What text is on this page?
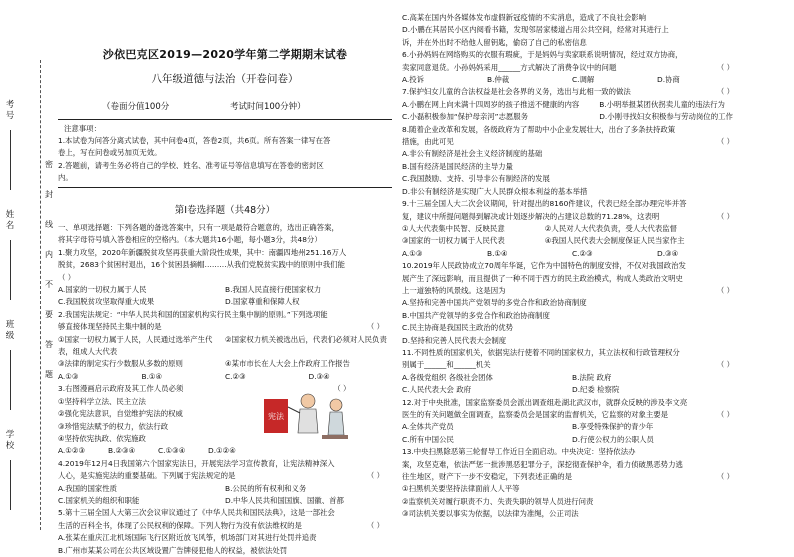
考
号
姓
名
班
级
学
校
密
封
线
内
不
要
答
题
沙依巴克区2019—2020学年第二学期期末试卷
八年级道德与法治（开卷问卷）
（卷面分值100分	考试时间100分钟）

注意事项：

1.本试卷为问答分离式试卷，其中问卷4页，答卷2页，共6页。所有答案一律写在答

卷上，写在问卷或另加页无效。

2.答题前，请考生务必将自己的学校、姓名、准考证号等信息填写在答卷的密封区

内。

第Ⅰ卷选择题（共48分）

一、单项选择题：下列各题的备选答案中，只有一项是最符合题意的，选出正确答案，

将其字母符号填入答卷相应的空格内。（本大题共16小题，每小题3分，共48分）

1.聚力攻坚，2020年新疆脱贫攻坚再获重大阶段性成果，其中：南疆四地州251.16万人

脱贫，2683个贫困村退出，16个贫困县摘帽………从我们党脱贫实践中的原则中我们能

（ ）

A.国家的一切权力属于人民	B.我国人民直接行使国家权力
C.我国脱贫攻坚取得重大成果	D.国家尊重和保障人权

2.我国宪法规定：“中华人民共和国的国家机构实行民主集中制的原则。”下列选项能

够直接体现坚持民主集中制的是	（ ）

①国家一切权力属于人民，人民通过选举产生代表，组成人大代表
②国家权力机关被选出后，代表们必须对人民负责
③法律的制定实行少数服从多数的原则	④某市市长在人大会上作政府工作报告
A.①③	B.①④	C.②③	D.③④

3.右图漫画启示政府及其工作人员必须	（ ）

①坚持科学立法、民主立法

②强化宪法意识，自觉维护宪法的权威

③珍惜宪法赋予的权力，依法行政

④坚持依宪执政、依宪施政

A.①②③	B.②③④	C.①③④	D.①②④
宪法

4.2019年12月4日我国第六个国家宪法日，开展宪法学习宣传教育，让宪法精神深入

人心，是实施宪法的重要基础。下列属于宪法规定的是	（ ）

A.我国的国家性质	B.公民的所有权利和义务
C.国家机关的组织和职能	D.中华人民共和国国旗、国徽、首都

5.第十三届全国人大第三次会议审议通过了《中华人民共和国民法典》，这是一部社会

生活的百科全书，体现了公民权利的保障。下列人物行为没有依法维权的是	（ ）

A.张某在重庆江北机场国际飞行区附近放飞风筝，机场部门对其进行处罚并追责

B.广州市某某公司在公共区域设置广告牌侵犯他人的权益，被依法处罚

C.高某在国内外各媒体发布虚假新冠疫情的不实消息，造成了不良社会影响

D.小鹏在其居民小区内阅看书籍，发现邻居家楼道占用公共空间，经常对其进行上

诉，并在外出时不给他人留钥匙，偷窃了自己的私密信息

6.小孙妈妈在网络购买的衣服有瑕疵，于是妈妈与卖家联系说明情况，经过双方协商，

卖家同意退货。小孙妈妈采用______方式解决了消费争议中的问题	（ ）

A.投诉	B.仲裁	C.调解	D.协商

7.保护妇女儿童的合法权益是社会各界的义务，选出与此相一致的做法	（ ）

A.小鹏在网上向未满十四周岁的孩子推送不健康的内容	B.小明举报某团伙拐卖儿童的违法行为
C.小磊积极参加“保护母亲河”志愿服务	D.小刚寻找妇女积极参与劳动岗位的工作

8.随着企业改革和发展，各级政府为了帮助中小企业发展壮大，出台了多条扶持政策

措施，由此可见	（ ）

A.非公有制经济是社会主义经济制度的基础

B.国有经济是国民经济的主导力量

C.我国鼓励、支持、引导非公有制经济的发展

D.非公有制经济是实现广大人民群众根本利益的基本举措

9.十三届全国人大二次会议期间，针对提出的8160件建议，代表已经全部办理完毕并答

复，建议中所提问题得到解决或计划逐步解决的占建议总数的71.28%，这表明	（ ）

①人大代表集中民智、反映民意	②人民对人大代表负责，受人大代表监督
③国家的一切权力属于人民代表	④我国人民代表大会制度保证人民当家作主
A.①③	B.①④	C.②③	D.③④

10.2019年人民政协成立70周年华诞，它作为中国特色的制度安排，不仅对我国政治发

展产生了深远影响，而且提供了一种不同于西方的民主政治模式，构成人类政治文明史

上一道独特的风景线。这是因为	（ ）

A.坚持和完善中国共产党领导的多党合作和政治协商制度

B.中国共产党领导的多党合作和政治协商制度

C.民主协商是我国民主政治的优势

D.坚持和完善人民代表大会制度

11.不同性质的国家机关，依据宪法行使着不同的国家权力，其立法权和行政管理权分

别属于______和______机关	（ ）

A.各级党组织 各级社会团体	B.法院 政府
C.人民代表大会 政府	D.纪委 检察院

12.对于中央批准，国家监察委员会派出调查组赴湖北武汉市，就群众反映的涉及李文亮

医生的有关问题做全面调查，监察委员会是国家的监督机关，它监察的对象主要是	（ ）

A.全体共产党员	B.享受特殊保护的青少年
C.所有中国公民	D.行使公权力的公职人员

13.中央扫黑除恶第三轮督导工作近日全面启动。中央决定：坚持依法办

案，攻坚克难，依法严惩一批涉黑恶犯罪分子，深挖彻查保护伞，看力侦破黑恶势力逃

往生地区，财产下一步不安稳定，下列表述正确的是	（ ）

①扫黑机关要坚持法律面前人人平等

②监察机关对履行职责不力、失责失职的领导人员进行问责

③司法机关要以事实为依据，以法律为准绳，公正司法
